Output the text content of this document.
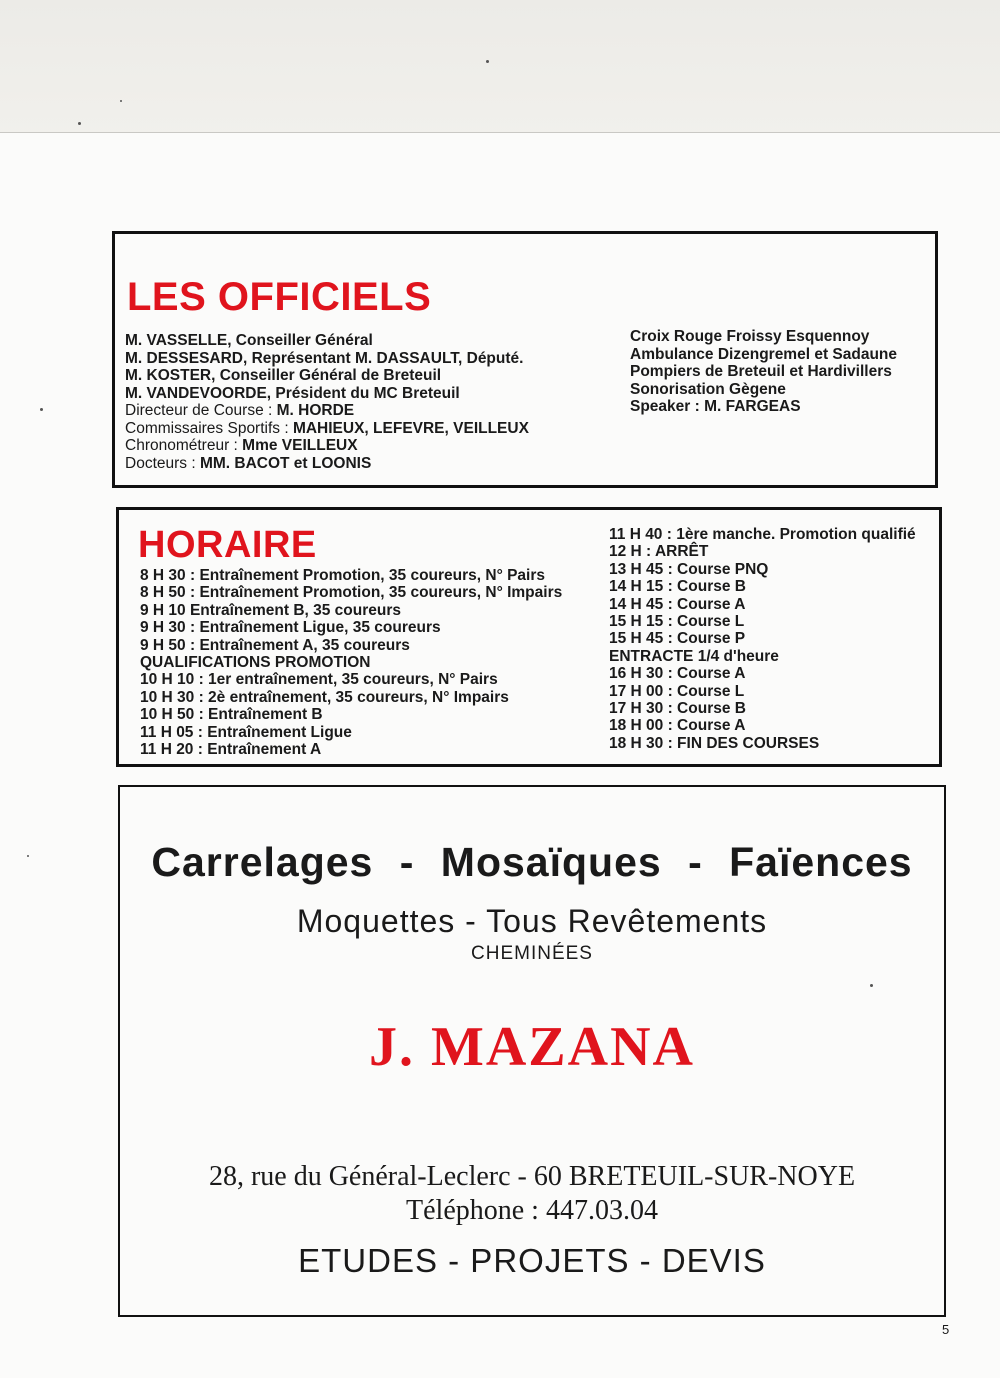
LES OFFICIELS
M. VASSELLE, Conseiller Général
M. DESSESARD, Représentant M. DASSAULT, Député.
M. KOSTER, Conseiller Général de Breteuil
M. VANDEVOORDE, Président du MC Breteuil
Directeur de Course : M. HORDE
Commissaires Sportifs : MAHIEUX, LEFEVRE, VEILLEUX
Chronométreur : Mme VEILLEUX
Docteurs : MM. BACOT et LOONIS
Croix Rouge Froissy Esquennoy
Ambulance Dizengremel et Sadaune
Pompiers de Breteuil et Hardivillers
Sonorisation Gègene
Speaker : M. FARGEAS
HORAIRE
8 H 30 : Entraînement Promotion, 35 coureurs, N° Pairs
8 H 50 : Entraînement Promotion, 35 coureurs, N° Impairs
9 H 10 Entraînement B, 35 coureurs
9 H 30 : Entraînement Ligue, 35 coureurs
9 H 50 : Entraînement A, 35 coureurs
QUALIFICATIONS PROMOTION
10 H 10 : 1er entraînement, 35 coureurs, N° Pairs
10 H 30 : 2è entraînement, 35 coureurs, N° Impairs
10 H 50 : Entraînement B
11 H 05 : Entraînement Ligue
11 H 20 : Entraînement A
11 H 40 : 1ère manche. Promotion qualifié
12 H : ARRÊT
13 H 45 : Course PNQ
14 H 15 : Course B
14 H 45 : Course A
15 H 15 : Course L
15 H 45 : Course P
ENTRACTE 1/4 d'heure
16 H 30 : Course A
17 H 00 : Course L
17 H 30 : Course B
18 H 00 : Course A
18 H 30 : FIN DES COURSES

Carrelages - Mosaïques - Faïences

Moquettes - Tous Revêtements

CHEMINÉES

J. MAZANA

28, rue du Général-Leclerc - 60 BRETEUIL-SUR-NOYE

Téléphone : 447.03.04

ETUDES - PROJETS - DEVIS

5
